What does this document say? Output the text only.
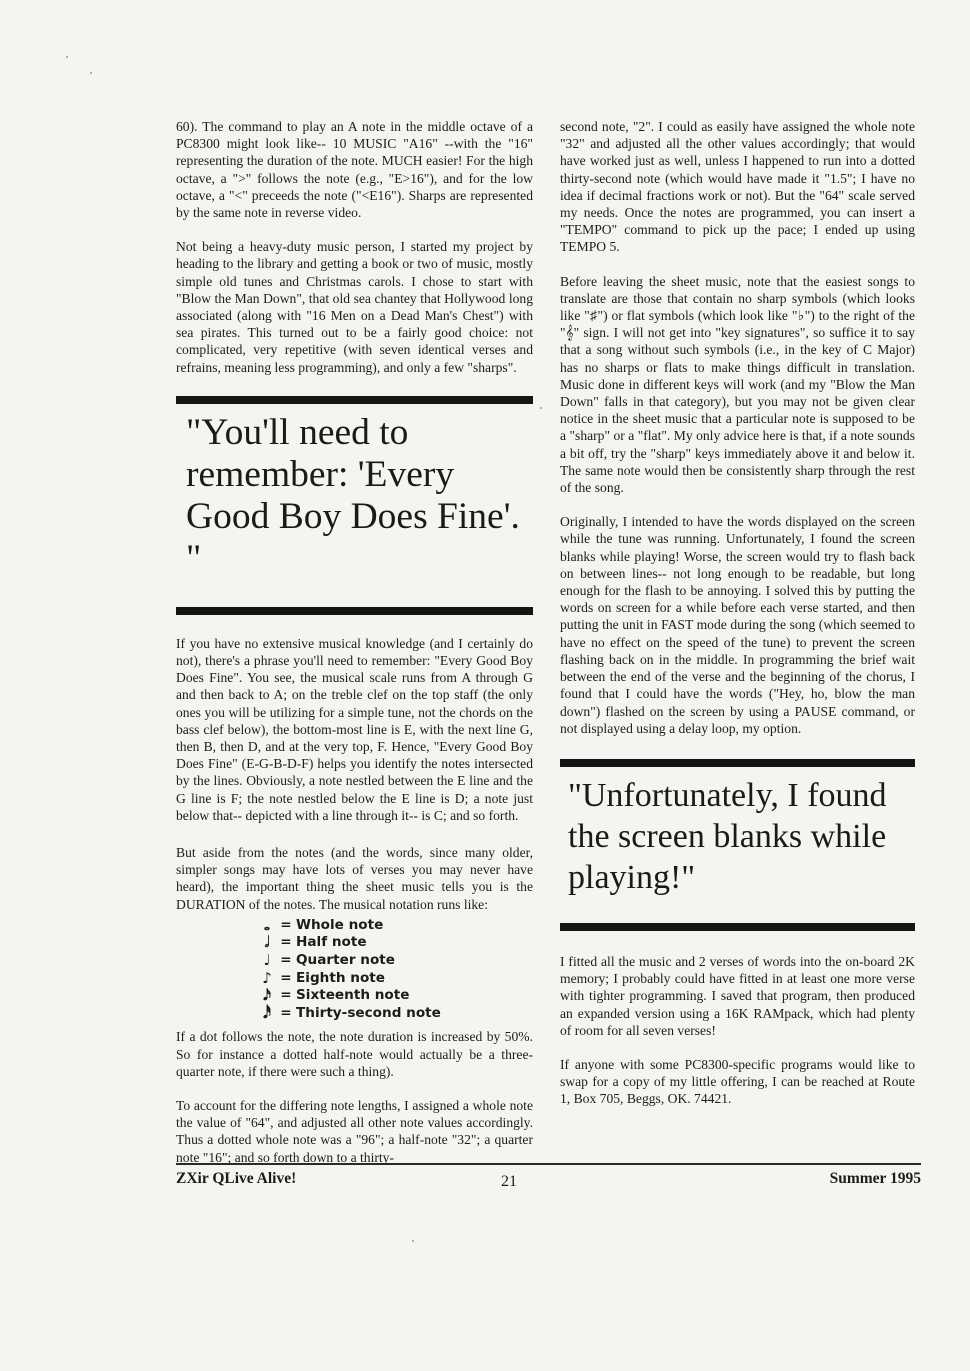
60). The command to play an A note in the middle octave of a PC8300 might look like-- 10 MUSIC "A16" --with the "16" representing the duration of the note. MUCH easier! For the high octave, a ">" follows the note (e.g., "E>16"), and for the low octave, a "<" preceeds the note ("<E16"). Sharps are represented by the same note in reverse video.

Not being a heavy-duty music person, I started my project by heading to the library and getting a book or two of music, mostly simple old tunes and Christmas carols. I chose to start with "Blow the Man Down", that old sea chantey that Hollywood long associated (along with "16 Men on a Dead Man's Chest") with sea pirates. This turned out to be a fairly good choice: not complicated, very repetitive (with seven identical verses and refrains, meaning less programming), and only a few "sharps".

"You'll need to remember: 'Every Good Boy Does Fine'. "

If you have no extensive musical knowledge (and I certainly do not), there's a phrase you'll need to remember: "Every Good Boy Does Fine". You see, the musical scale runs from A through G and then back to A; on the treble clef on the top staff (the only ones you will be utilizing for a simple tune, not the chords on the bass clef below), the bottom-most line is E, with the next line G, then B, then D, and at the very top, F. Hence, "Every Good Boy Does Fine" (E-G-B-D-F) helps you identify the notes intersected by the lines. Obviously, a note nestled between the E line and the G line is F; the note nestled below the E line is D; a note just below that-- depicted with a line through it-- is C; and so forth.

But aside from the notes (and the words, since many older, simpler songs may have lots of verses you may never have heard), the important thing the sheet music tells you is the DURATION of the notes. The musical notation runs like:

𝅝 = Whole note
𝅗𝅥 = Half note
♩ = Quarter note
♪ = Eighth note
𝅘𝅥𝅯 = Sixteenth note
𝅘𝅥𝅰 = Thirty-second note

If a dot follows the note, the note duration is increased by 50%. So for instance a dotted half-note would actually be a three-quarter note, if there were such a thing).

To account for the differing note lengths, I assigned a whole note the value of "64", and adjusted all other note values accordingly. Thus a dotted whole note was a "96"; a half-note "32"; a quarter note "16"; and so forth down to a thirty-

second note, "2". I could as easily have assigned the whole note "32" and adjusted all the other values accordingly; that would have worked just as well, unless I happened to run into a dotted thirty-second note (which would have made it "1.5"; I have no idea if decimal fractions work or not). But the "64" scale served my needs. Once the notes are programmed, you can insert a "TEMPO" command to pick up the pace; I ended up using TEMPO 5.

Before leaving the sheet music, note that the easiest songs to translate are those that contain no sharp symbols (which looks like "♯") or flat symbols (which look like "♭") to the right of the "𝄞" sign. I will not get into "key signatures", so suffice it to say that a song without such symbols (i.e., in the key of C Major) has no sharps or flats to make things difficult in translation. Music done in different keys will work (and my "Blow the Man Down" falls in that category), but you may not be given clear notice in the sheet music that a particular note is supposed to be a "sharp" or a "flat". My only advice here is that, if a note sounds a bit off, try the "sharp" keys immediately above it and below it. The same note would then be consistently sharp through the rest of the song.

Originally, I intended to have the words displayed on the screen while the tune was running. Unfortunately, I found the screen blanks while playing! Worse, the screen would try to flash back on between lines-- not long enough to be readable, but long enough for the flash to be annoying. I solved this by putting the words on screen for a while before each verse started, and then putting the unit in FAST mode during the song (which seemed to have no effect on the speed of the tune) to prevent the screen flashing back on in the middle. In programming the brief wait between the end of the verse and the beginning of the chorus, I found that I could have the words ("Hey, ho, blow the man down") flashed on the screen by using a PAUSE command, or not displayed using a delay loop, my option.

"Unfortunately, I found the screen blanks while playing!"

I fitted all the music and 2 verses of words into the on-board 2K memory; I probably could have fitted in at least one more verse with tighter programming. I saved that program, then produced an expanded version using a 16K RAMpack, which had plenty of room for all seven verses!

If anyone with some PC8300-specific programs would like to swap for a copy of my little offering, I can be reached at Route 1, Box 705, Beggs, OK. 74421.

ZXir QLive Alive!	21	Summer 1995
